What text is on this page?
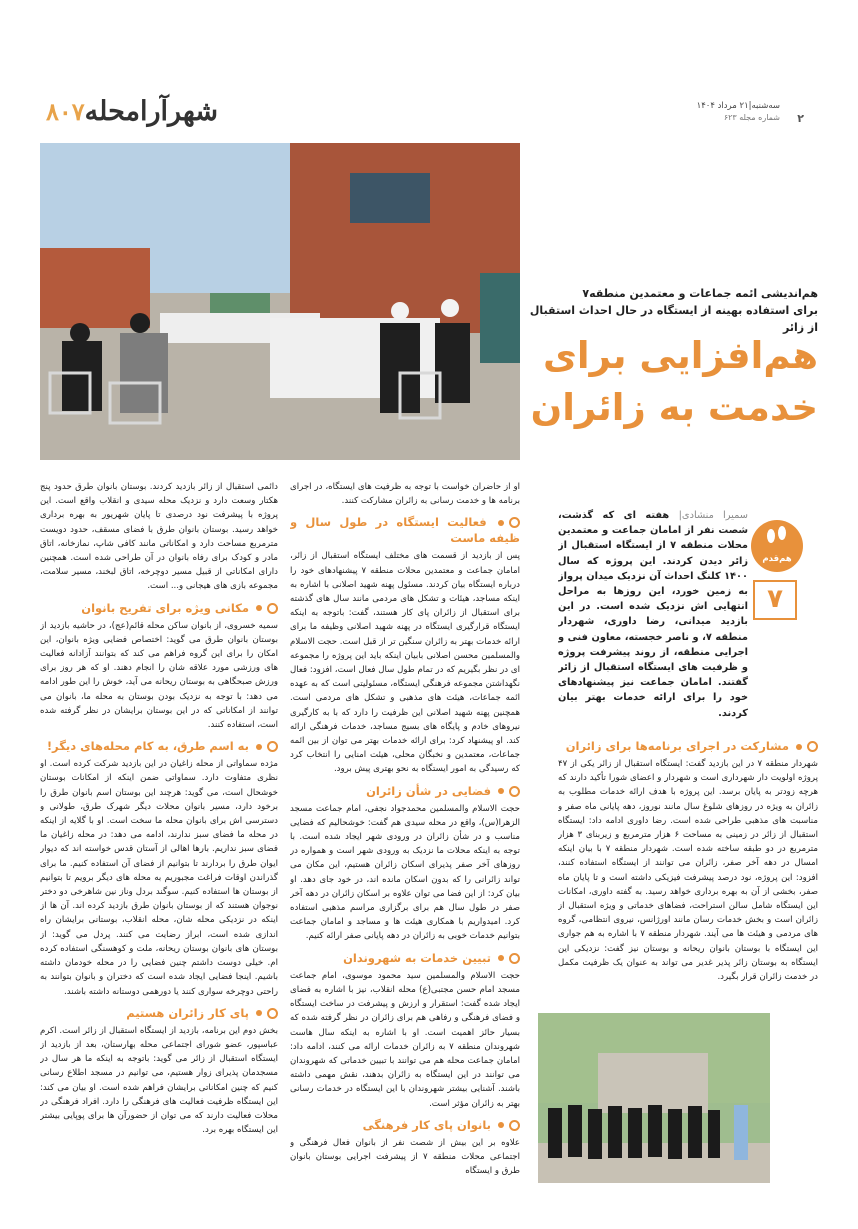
شهرآرامحله۸۰۷	سه‌شنبه|۲۱ مرداد ۱۴۰۴
شماره مجله ۶۲۳ ۲
هم‌اندیشی ائمه جماعات و معتمدین منطقه۷
برای استفاده بهینه از ایستگاه در حال احداث استقبال از زائر
هم‌افزایی برای
خدمت به زائران
سمیرا منشادی| هفته ای که گذشت، شصت نفر از امامان جماعت و معتمدین محلات منطقه ۷ از ایستگاه استقبال از زائر دیدن کردند. این پروژه که سال ۱۴۰۰ کلنگ احداث آن نزدیک میدان پرواز به زمین خورد، این روزها به مراحل انتهایی اش نزدیک شده است. در این بازدید میدانی، رضا داوری، شهردار منطقه ۷، و ناصر خجسته، معاون فنی و اجرایی منطقه، از روند پیشرفت پروژه و ظرفیت های ایستگاه استقبال از زائر گفتند. امامان جماعت نیز پیشنهادهای خود را برای ارائه خدمات بهتر بیان کردند.
هم‌قدم
۷
مشارکت در اجرای برنامه‌ها برای زائران

شهردار منطقه ۷ در این بازدید گفت: ایستگاه استقبال از زائر یکی از ۴۷ پروژه اولویت دار شهرداری است و شهردار و اعضای شورا تأکید دارند که هرچه زودتر به پایان برسد. این پروژه با هدف ارائه خدمات مطلوب به زائران به ویژه در روزهای شلوغ سال مانند نوروز، دهه پایانی ماه صفر و مناسبت های مذهبی طراحی شده است. رضا داوری ادامه داد: ایستگاه استقبال از زائر در زمینی به مساحت ۶ هزار مترمربع و زیربنای ۳ هزار مترمربع در دو طبقه ساخته شده است. شهردار منطقه ۷ با بیان اینکه امسال در دهه آخر صفر، زائران می توانند از ایستگاه استفاده کنند، افزود: این پروژه، نود درصد پیشرفت فیزیکی داشته است و تا پایان ماه صفر، بخشی از آن به بهره برداری خواهد رسید. به گفته داوری، امکانات این ایستگاه شامل سالن استراحت، فضاهای خدماتی و ویژه استقبال از زائران است و بخش خدمات رسان مانند اورژانس، نیروی انتظامی، گروه های مردمی و هیئت ها می آیند. شهردار منطقه ۷ با اشاره به هم جواری این ایستگاه با بوستان بانوان ریحانه و بوستان نیز گفت: نزدیکی این ایستگاه به بوستان زائر پذیر غدیر می تواند به عنوان یک ظرفیت مکمل در خدمت زائران قرار بگیرد.

او از حاضران خواست با توجه به ظرفیت های ایستگاه، در اجرای برنامه ها و خدمت رسانی به زائران مشارکت کنند.

فعالیت ایستگاه در طول سال و ظیفه ماست

پس از بازدید از قسمت های مختلف ایستگاه استقبال از زائر، امامان جماعت و معتمدین محلات منطقه ۷ پیشنهادهای خود را درباره ایستگاه بیان کردند. مسئول پهنه شهید اصلانی با اشاره به اینکه مساجد، هیئات و تشکل های مردمی مانند سال های گذشته برای استقبال از زائران پای کار هستند، گفت: باتوجه به اینکه ایستگاه قرارگیری ایستگاه در پهنه شهید اصلانی وظیفه ما برای ارائه خدمات بهتر به زائران سنگین تر از قبل است. حجت الاسلام والمسلمین محسن اصلانی بابیان اینکه باید این پروژه را مجموعه ای در نظر بگیریم که در تمام طول سال فعال است، افزود: فعال نگهداشتن مجموعه فرهنگی ایستگاه، مسئولیتی است که به عهده ائمه جماعات، هیئت های مذهبی و تشکل های مردمی است. همچنین پهنه شهید اصلانی این ظرفیت را دارد که با به کارگیری نیروهای خادم و پایگاه های بسیج مساجد، خدمات فرهنگی ارائه کند. او پیشنهاد کرد: برای ارائه خدمات بهتر می توان از بین ائمه جماعات، معتمدین و نخبگان محلی، هیئت امنایی را انتخاب کرد که رسیدگی به امور ایستگاه به نحو بهتری پیش برود.

فضایی در شأن زائران

حجت الاسلام والمسلمین محمدجواد نجفی، امام جماعت مسجد الزهرا(س)، واقع در محله سیدی هم گفت: خوشحالیم که فضایی مناسب و در شأن زائران در ورودی شهر ایجاد شده است. با توجه به اینکه محلات ما نزدیک به ورودی شهر است و همواره در روزهای آخر صفر پذیرای اسکان زائران هستیم، این مکان می تواند زائرانی را که بدون اسکان مانده اند، در خود جای دهد. او بیان کرد: از این فضا می توان علاوه بر اسکان زائران در دهه آخر صفر در طول سال هم برای برگزاری مراسم مذهبی استفاده کرد. امیدواریم با همکاری هیئت ها و مساجد و امامان جماعت بتوانیم خدمات خوبی به زائران در دهه پایانی صفر ارائه کنیم.

تبیین خدمات به شهروندان

حجت الاسلام والمسلمین سید محمود موسوی، امام جماعت مسجد امام حسن مجتبی(ع) محله انقلاب، نیز با اشاره به فضای ایجاد شده گفت: استقرار و ارزش و پیشرفت در ساخت ایستگاه و فضای فرهنگی و رفاهی هم برای زائران در نظر گرفته شده که بسیار حائز اهمیت است. او با اشاره به اینکه سال هاست شهروندان منطقه ۷ به زائران خدمات ارائه می کنند، ادامه داد: امامان جماعت محله هم می توانند با تبیین خدماتی که شهروندان می توانند در این ایستگاه به زائران بدهند، نقش مهمی داشته باشند. آشنایی بیشتر شهروندان با این ایستگاه در خدمات رسانی بهتر به زائران مؤثر است.

بانوان پای کار فرهنگی

علاوه بر این بیش از شصت نفر از بانوان فعال فرهنگی و اجتماعی محلات منطقه ۷ از پیشرفت اجرایی بوستان بانوان طرق و ایستگاه

دائمی استقبال از زائر بازدید کردند. بوستان بانوان طرق حدود پنج هکتار وسعت دارد و نزدیک محله سیدی و انقلاب واقع است. این پروژه با پیشرفت نود درصدی تا پایان شهریور به بهره برداری خواهد رسید. بوستان بانوان طرق با فضای مسقف، حدود دویست مترمربع مساحت دارد و امکاناتی مانند کافی شاپ، نمازخانه، اتاق مادر و کودک برای رفاه بانوان در آن طراحی شده است. همچنین دارای امکاناتی از قبیل مسیر دوچرخه، اتاق لبخند، مسیر سلامت، مجموعه بازی های هیجانی و... است.

مکانی ویژه برای تفریح بانوان

سمیه خسروی، از بانوان ساکن محله قائم(عج)، در حاشیه بازدید از بوستان بانوان طرق می گوید: اختصاص فضایی ویژه بانوان، این امکان را برای این گروه فراهم می کند که بتوانند آزادانه فعالیت های ورزشی مورد علاقه شان را انجام دهند. او که هر روز برای ورزش صبحگاهی به بوستان ریحانه می آید، خوش را این طور ادامه می دهد: با توجه به نزدیک بودن بوستان به محله ما، بانوان می توانند از امکاناتی که در این بوستان برایشان در نظر گرفته شده است، استفاده کنند.

به اسم طرق، به کام محله‌های دیگر!

مژده سماواتی از محله زاغیان در این بازدید شرکت کرده است. او نظری متفاوت دارد. سماواتی ضمن اینکه از امکانات بوستان خوشحال است، می گوید: هرچند این بوستان اسم بانوان طرق را برخود دارد، مسیر بانوان محلات دیگر شهرک طرق، طولانی و دسترسی اش برای بانوان محله ما سخت است. او با گلایه از اینکه در محله ما فضای سبز ندارند، ادامه می دهد: در محله زاغیان ما فضای سبز نداریم. بارها اهالی از آستان قدس خواسته اند که دیوار ایوان طرق را بردارند تا بتوانیم از فضای آن استفاده کنیم. ما برای گذراندن اوقات فراغت مجبوریم به محله های دیگر برویم تا بتوانیم از بوستان ها استفاده کنیم. سوگند بردل وناز نین شاهرخی دو دختر نوجوان هستند که از بوستان بانوان طرق بازدید کرده اند. آن ها از اینکه در نزدیکی محله شان، محله انقلاب، بوستانی برایشان راه اندازی شده است، ابراز رضایت می کنند. پردل می گوید: از بوستان های بانوان بوستان ریحانه، ملت و کوهسنگی استفاده کرده ام. خیلی دوست داشتم چنین فضایی را در محله خودمان داشته باشیم. اینجا فضایی ایجاد شده است که دختران و بانوان بتوانند به راحتی دوچرخه سواری کنند یا دورهمی دوستانه داشته باشند.

پای کار زائران هستیم

بخش دوم این برنامه، بازدید از ایستگاه استقبال از زائر است. اکرم عباسپور، عضو شورای اجتماعی محله بهارستان، بعد از بازدید از ایستگاه استقبال از زائر می گوید: باتوجه به اینکه ما هر سال در مسجدمان پذیرای زوار هستیم، می توانیم در مسجد اطلاع رسانی کنیم که چنین امکاناتی برایشان فراهم شده است. او بیان می کند: این ایستگاه ظرفیت فعالیت های فرهنگی را دارد. افراد فرهنگی در محلات فعالیت دارند که می توان از حضورآن ها برای پوپایی بیشتر این ایستگاه بهره برد.
